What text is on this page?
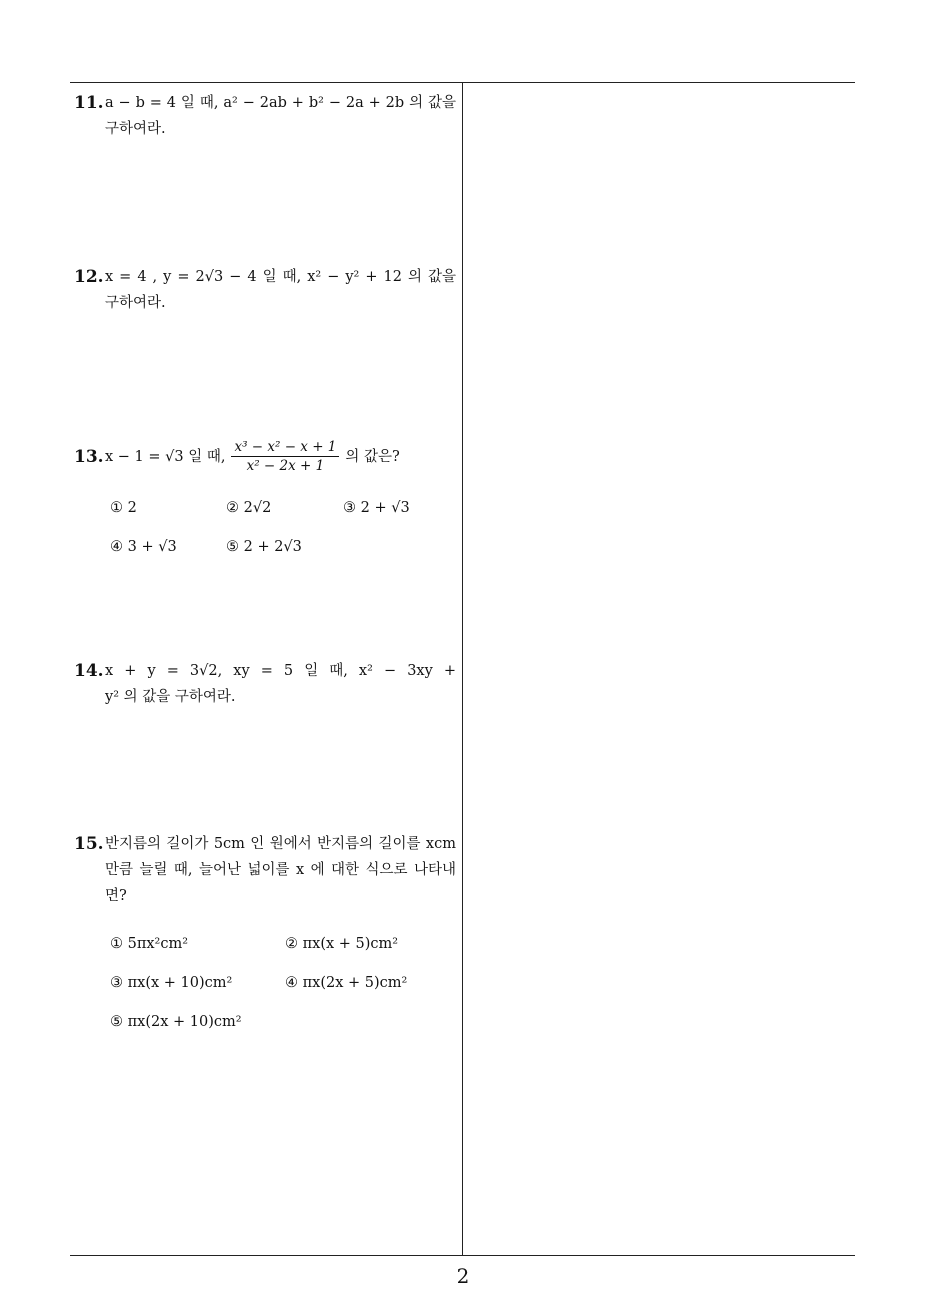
11. a − b = 4 일 때, a² − 2ab + b² − 2a + 2b 의 값을
구하여라.
12. x = 4 , y = 2√3 − 4 일 때, x² − y² + 12 의 값을
구하여라.
13. x − 1 = √3 일 때, $\frac{\text{x³ − x² − x + 1}}{\text{x² − 2x + 1}}$ 의 값은?
① 2	② 2√2	③ 2 + √3
④ 3 + √3	⑤ 2 + 2√3
14. x + y = 3√2, xy = 5 일 때, x² − 3xy +
y² 의 값을 구하여라.
15. 반지름의 길이가 5cm 인 원에서 반지름의 길이를 xcm
만큼 늘릴 때, 늘어난 넓이를 x 에 대한 식으로 나타내
면?
① 5πx²cm²	② πx(x + 5)cm²
③ πx(x + 10)cm²	④ πx(2x + 5)cm²
⑤ πx(2x + 10)cm²
2
